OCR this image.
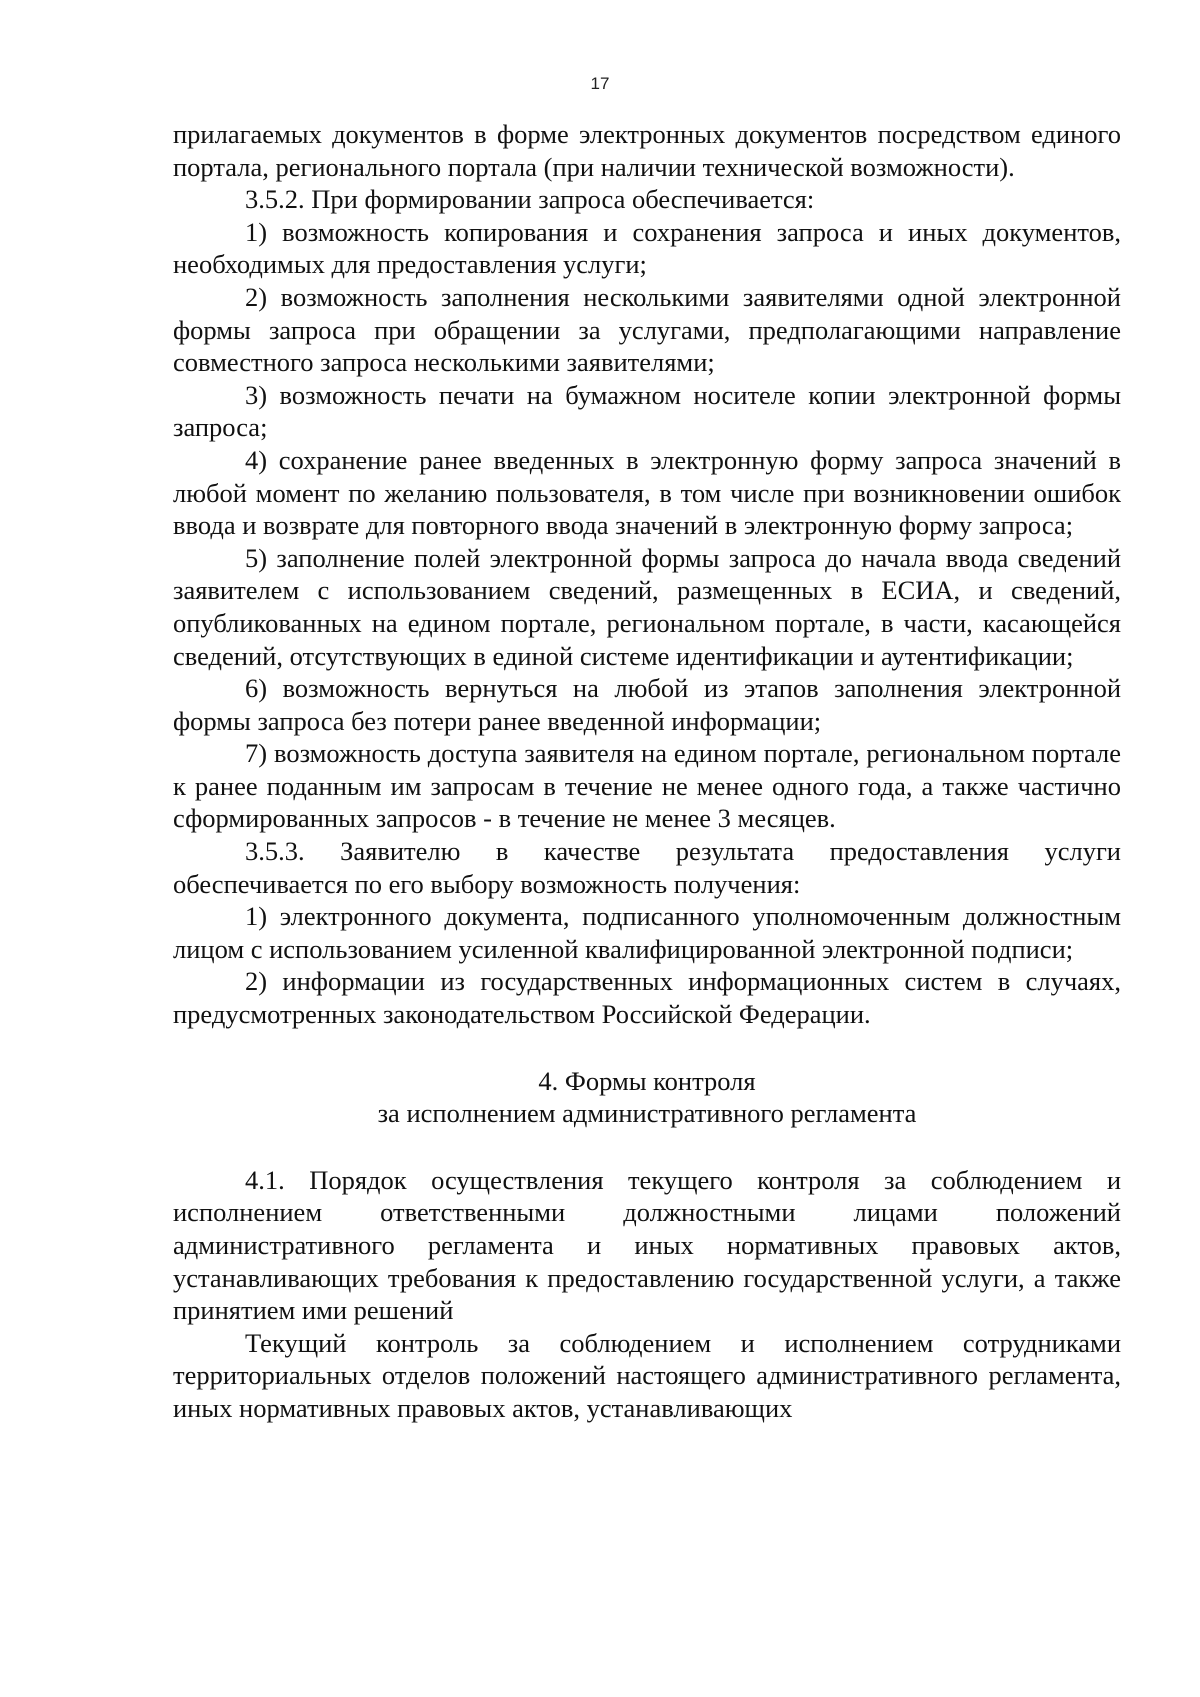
17

прилагаемых документов в форме электронных документов посредством единого портала, регионального портала (при наличии технической возможности).

3.5.2. При формировании запроса обеспечивается:

1) возможность копирования и сохранения запроса и иных документов, необходимых для предоставления услуги;

2) возможность заполнения несколькими заявителями одной электронной формы запроса при обращении за услугами, предполагающими направление совместного запроса несколькими заявителями;

3) возможность печати на бумажном носителе копии электронной формы запроса;

4) сохранение ранее введенных в электронную форму запроса значений в любой момент по желанию пользователя, в том числе при возникновении ошибок ввода и возврате для повторного ввода значений в электронную форму запроса;

5) заполнение полей электронной формы запроса до начала ввода сведений заявителем с использованием сведений, размещенных в ЕСИА, и сведений, опубликованных на едином портале, региональном портале, в части, касающейся сведений, отсутствующих в единой системе идентификации и аутентификации;

6) возможность вернуться на любой из этапов заполнения электронной формы запроса без потери ранее введенной информации;

7) возможность доступа заявителя на едином портале, региональном портале к ранее поданным им запросам в течение не менее одного года, а также частично сформированных запросов - в течение не менее 3 месяцев.

3.5.3. Заявителю в качестве результата предоставления услуги обеспечивается по его выбору возможность получения:

1) электронного документа, подписанного уполномоченным должностным лицом с использованием усиленной квалифицированной электронной подписи;

2) информации из государственных информационных систем в случаях, предусмотренных законодательством Российской Федерации.

4. Формы контроля

за исполнением административного регламента

4.1. Порядок осуществления текущего контроля за соблюдением и исполнением ответственными должностными лицами положений административного регламента и иных нормативных правовых актов, устанавливающих требования к предоставлению государственной услуги, а также принятием ими решений

Текущий контроль за соблюдением и исполнением сотрудниками территориальных отделов положений настоящего административного регламента, иных нормативных правовых актов, устанавливающих
